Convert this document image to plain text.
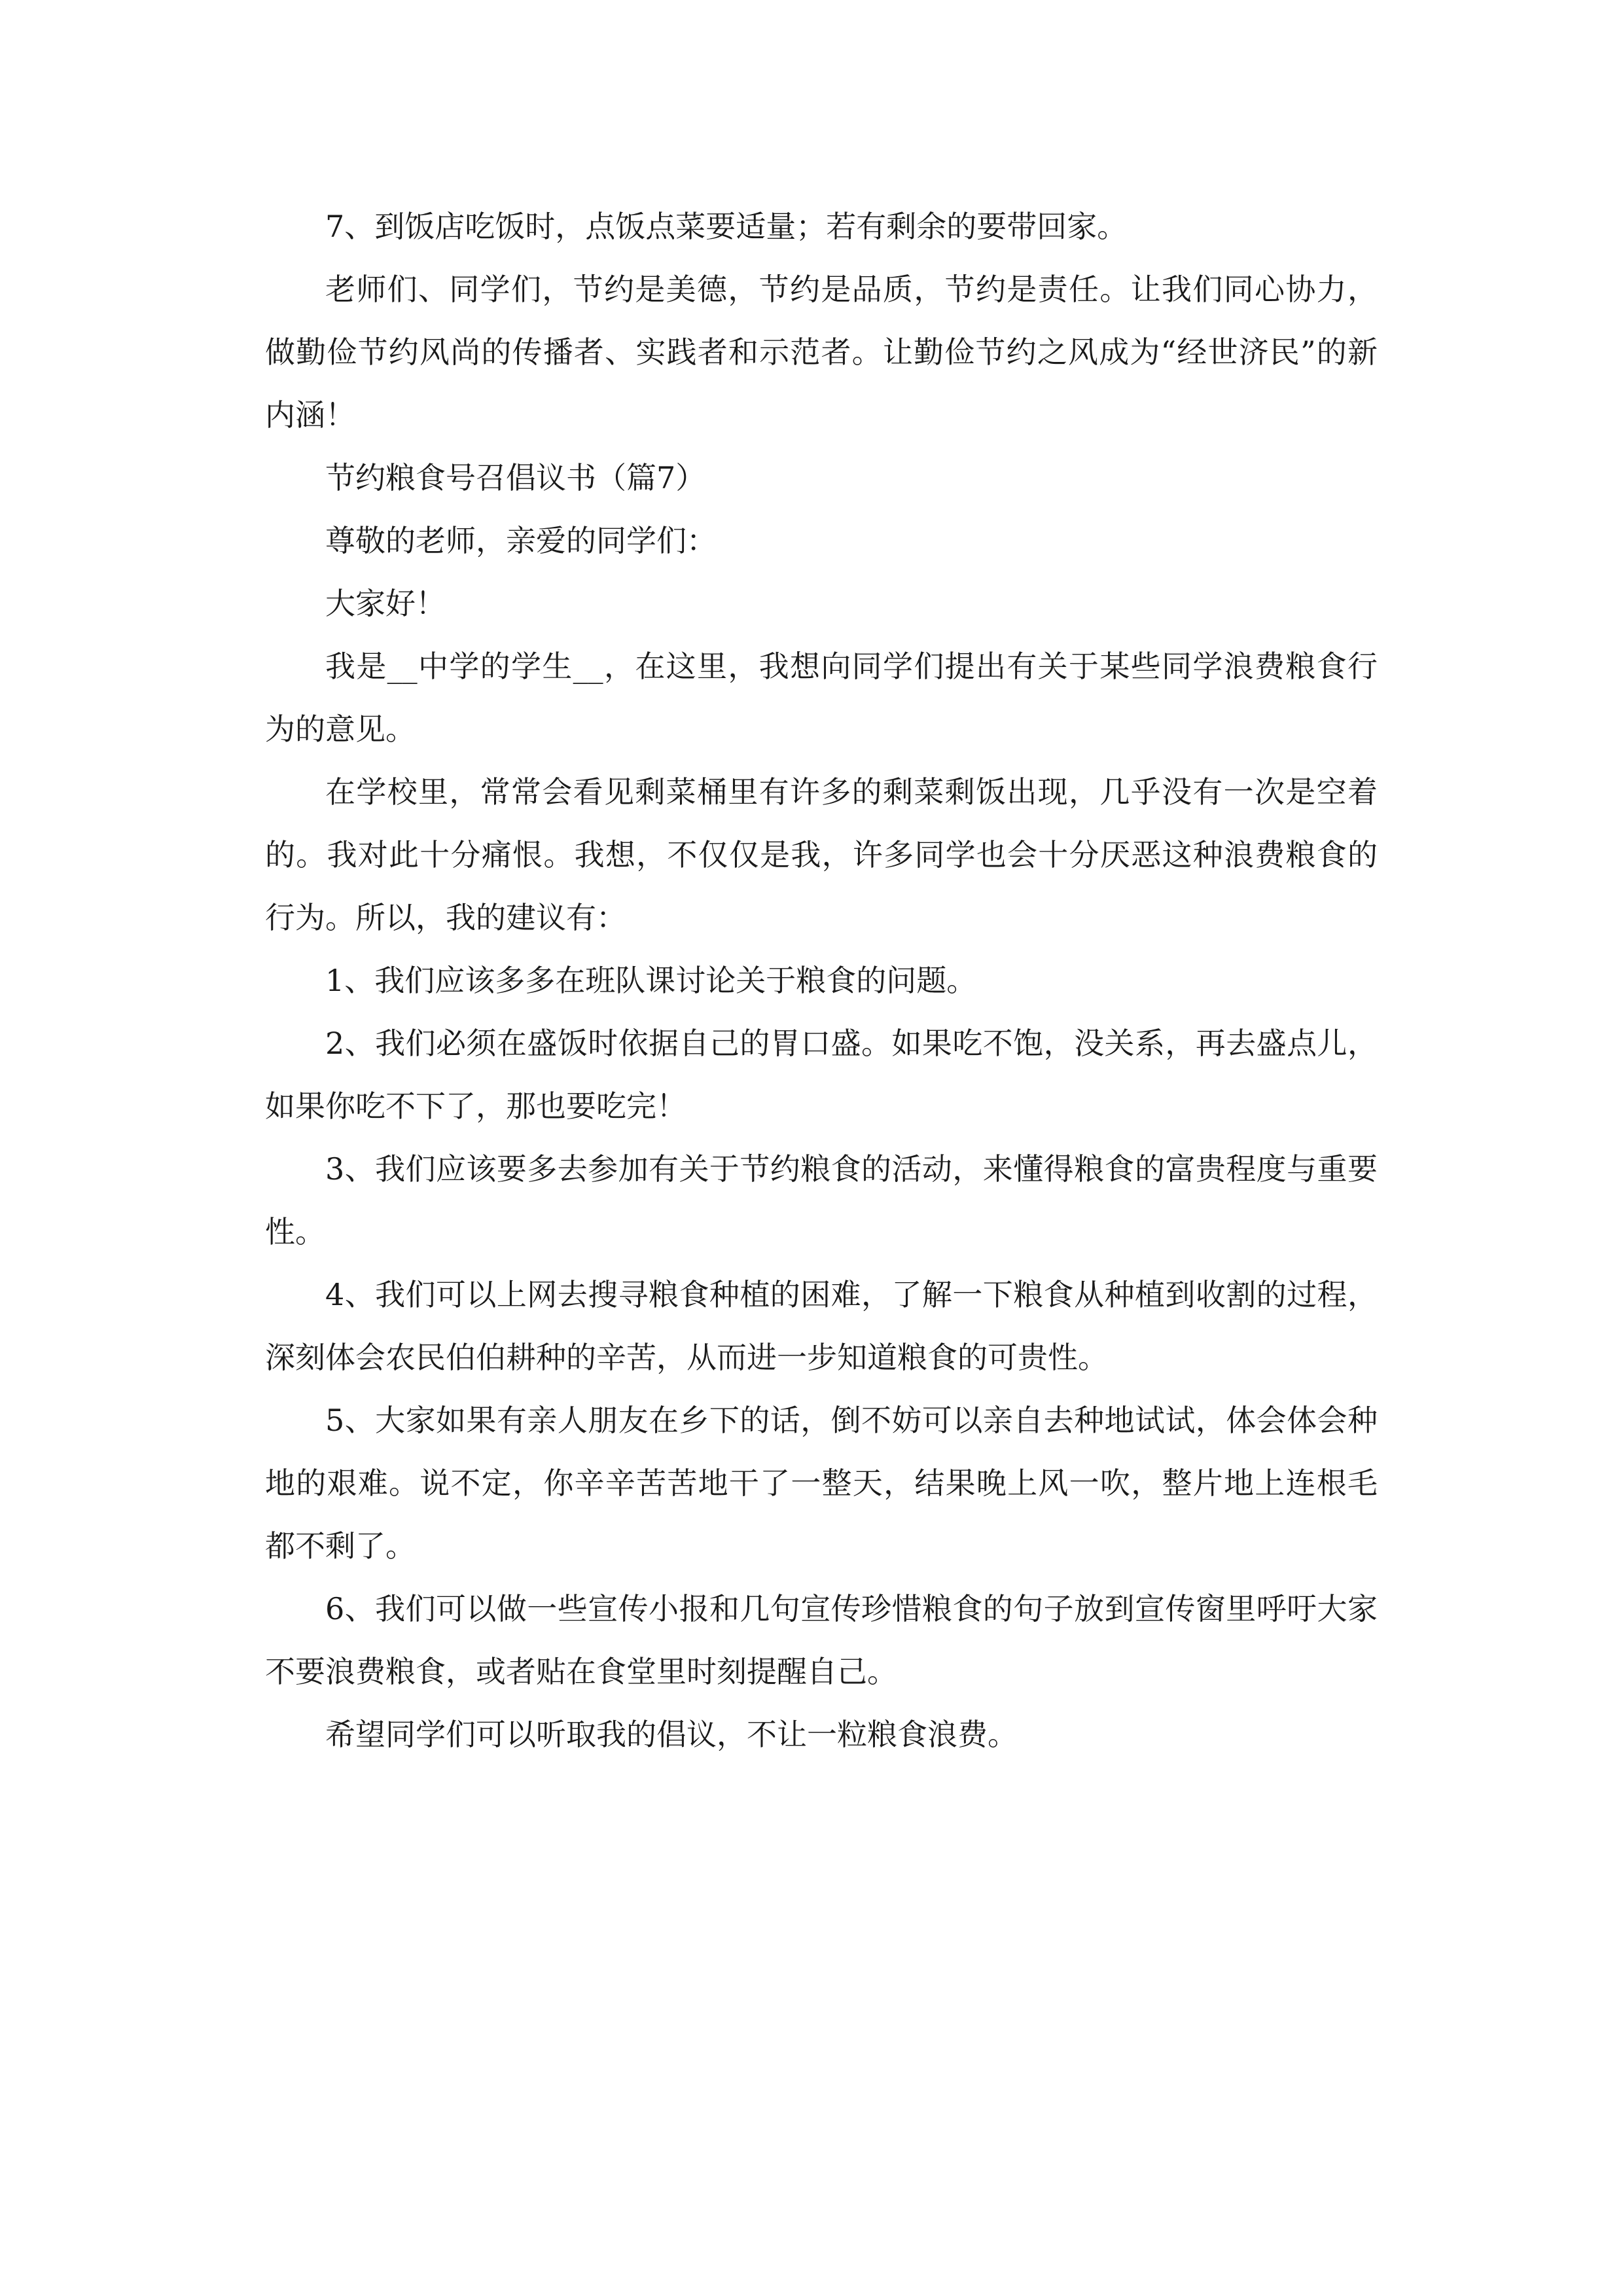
7、到饭店吃饭时，点饭点菜要适量；若有剩余的要带回家。

老师们、同学们，节约是美德，节约是品质，节约是责任。让我们同心协力，做勤俭节约风尚的传播者、实践者和示范者。让勤俭节约之风成为“经世济民”的新内涵！

节约粮食号召倡议书（篇7）

尊敬的老师，亲爱的同学们：

大家好！

我是__中学的学生__，在这里，我想向同学们提出有关于某些同学浪费粮食行为的意见。

在学校里，常常会看见剩菜桶里有许多的剩菜剩饭出现，几乎没有一次是空着的。我对此十分痛恨。我想，不仅仅是我，许多同学也会十分厌恶这种浪费粮食的行为。所以，我的建议有：

1、我们应该多多在班队课讨论关于粮食的问题。

2、我们必须在盛饭时依据自己的胃口盛。如果吃不饱，没关系，再去盛点儿，如果你吃不下了，那也要吃完！

3、我们应该要多去参加有关于节约粮食的活动，来懂得粮食的富贵程度与重要性。

4、我们可以上网去搜寻粮食种植的困难，了解一下粮食从种植到收割的过程，深刻体会农民伯伯耕种的辛苦，从而进一步知道粮食的可贵性。

5、大家如果有亲人朋友在乡下的话，倒不妨可以亲自去种地试试，体会体会种地的艰难。说不定，你辛辛苦苦地干了一整天，结果晚上风一吹，整片地上连根毛都不剩了。

6、我们可以做一些宣传小报和几句宣传珍惜粮食的句子放到宣传窗里呼吁大家不要浪费粮食，或者贴在食堂里时刻提醒自己。

希望同学们可以听取我的倡议，不让一粒粮食浪费。
